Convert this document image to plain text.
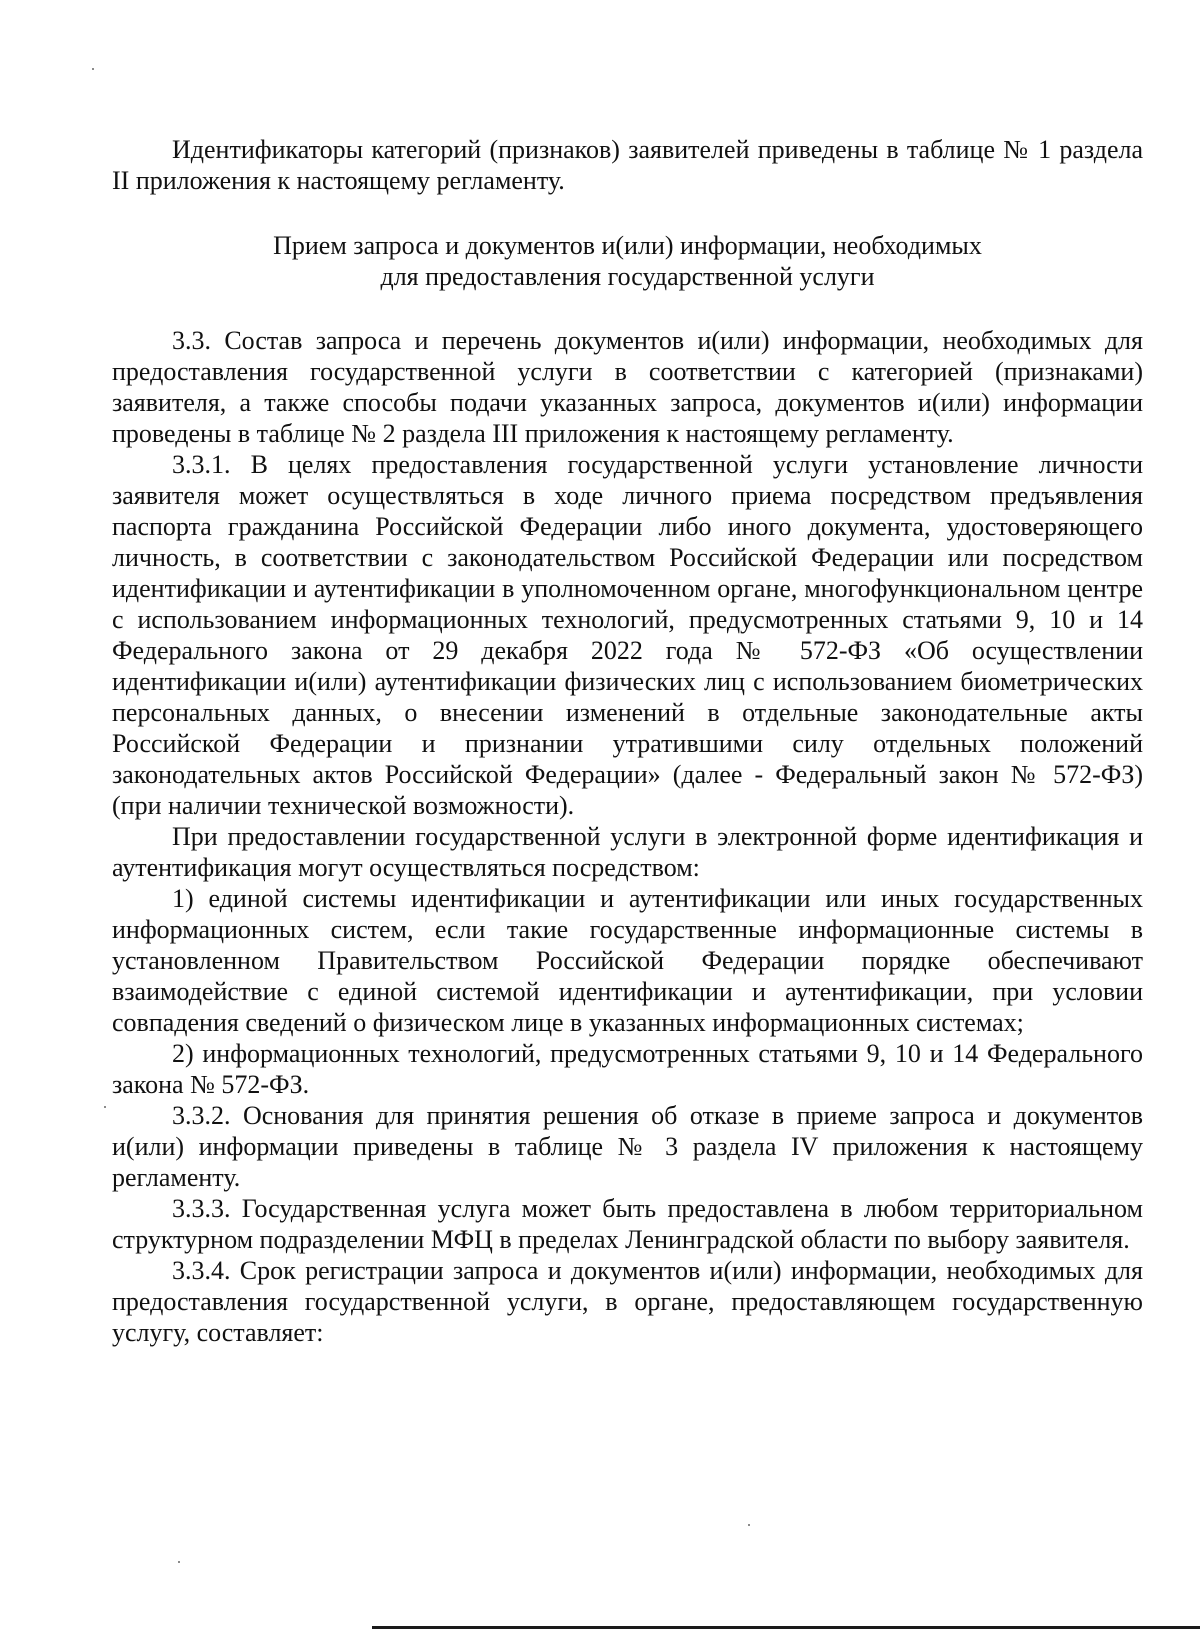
Идентификаторы категорий (признаков) заявителей приведены в таблице № 1 раздела II приложения к настоящему регламенту.

Прием запроса и документов и(или) информации, необходимых
для предоставления государственной услуги

3.3. Состав запроса и перечень документов и(или) информации, необходимых для предоставления государственной услуги в соответствии с категорией (признаками) заявителя, а также способы подачи указанных запроса, документов и(или) информации проведены в таблице № 2 раздела III приложения к настоящему регламенту.

3.3.1. В целях предоставления государственной услуги установление личности заявителя может осуществляться в ходе личного приема посредством предъявления паспорта гражданина Российской Федерации либо иного документа, удостоверяющего личность, в соответствии с законодательством Российской Федерации или посредством идентификации и аутентификации в уполномоченном органе, многофункциональном центре с использованием информационных технологий, предусмотренных статьями 9, 10 и 14 Федерального закона от 29 декабря 2022 года № 572-ФЗ «Об осуществлении идентификации и(или) аутентификации физических лиц с использованием биометрических персональных данных, о внесении изменений в отдельные законодательные акты Российской Федерации и признании утратившими силу отдельных положений законодательных актов Российской Федерации» (далее - Федеральный закон № 572-ФЗ) (при наличии технической возможности).

При предоставлении государственной услуги в электронной форме идентификация и аутентификация могут осуществляться посредством:

1) единой системы идентификации и аутентификации или иных государственных информационных систем, если такие государственные информационные системы в установленном Правительством Российской Федерации порядке обеспечивают взаимодействие с единой системой идентификации и аутентификации, при условии совпадения сведений о физическом лице в указанных информационных системах;

2) информационных технологий, предусмотренных статьями 9, 10 и 14 Федерального закона № 572-ФЗ.

3.3.2. Основания для принятия решения об отказе в приеме запроса и документов и(или) информации приведены в таблице № 3 раздела IV приложения к настоящему регламенту.

3.3.3. Государственная услуга может быть предоставлена в любом территориальном структурном подразделении МФЦ в пределах Ленинградской области по выбору заявителя.

3.3.4. Срок регистрации запроса и документов и(или) информации, необходимых для предоставления государственной услуги, в органе, предоставляющем государственную услугу, составляет:
